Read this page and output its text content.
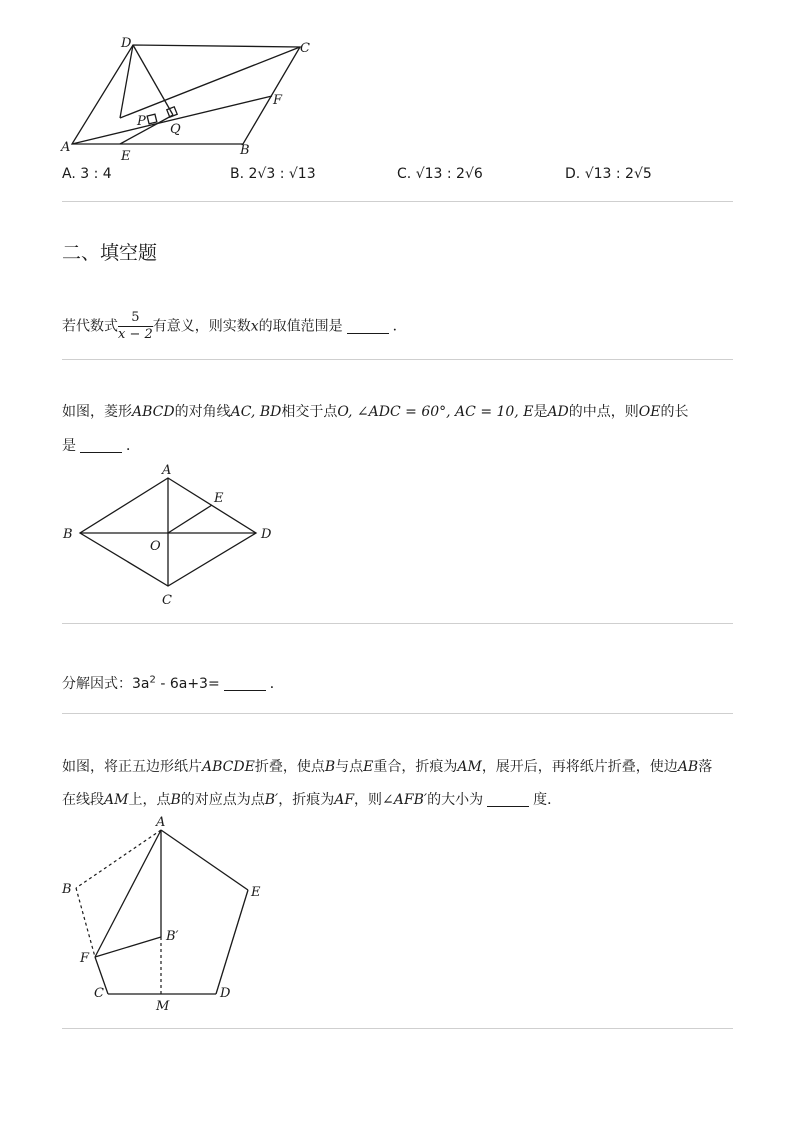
D	C
F
P
Q
A
E	B
A. 3 : 4	B. 2√3 : √13	C. √13 : 2√6	D. √13 : 2√5
二、填空题
若代数式 $\frac{5}{x - 2}$ 有意义，则实数x的取值范围是	．
如图，菱形ABCD的对角线AC, BD相交于点O, ∠ADC = 60°, AC = 10, E是AD的中点，则OE的长
是	．
A
E
B
O
D
C
分解因式：$3a^2 - 6a+3=$	．
如图，将正五边形纸片ABCDE折叠，使点B与点E重合，折痕为AM，展开后，再将纸片折叠，使边AB落
在线段AM上，点B的对应点为点B′，折痕为AF，则∠AFB′的大小为	度．
A
B	E
B′
F
C	D
M
